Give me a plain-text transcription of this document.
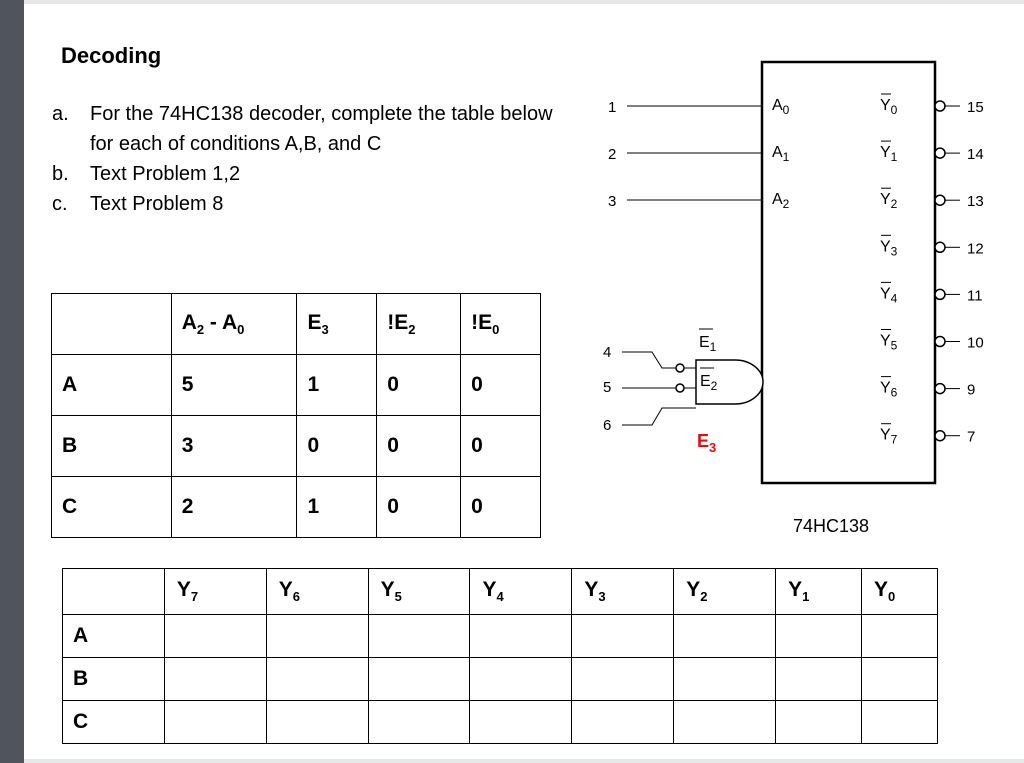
Decoding
a. For the 74HC138 decoder, complete the table below for each of conditions A,B, and C
b. Text Problem 1,2
c. Text Problem 8
	$A_2 - A_0$	$E_3$	$!E_2$	$!E_0$
A	5	1	0	0
B	3	0	0	0
C	2	1	0	0
	$Y_7$	$Y_6$	$Y_5$	$Y_4$	$Y_3$	$Y_2$	$Y_1$	$Y_0$
A								
B								
C								
1
2
3
$A_0$
$A_1$
$A_2$
$Y_0$	15
$Y_1$	14
$Y_2$	13
$Y_3$	12
$Y_4$	11
$Y_5$	10
$Y_6$	9
$Y_7$	7
4
5
6
$E_1$
$E_2$
$E_3$
74HC138
